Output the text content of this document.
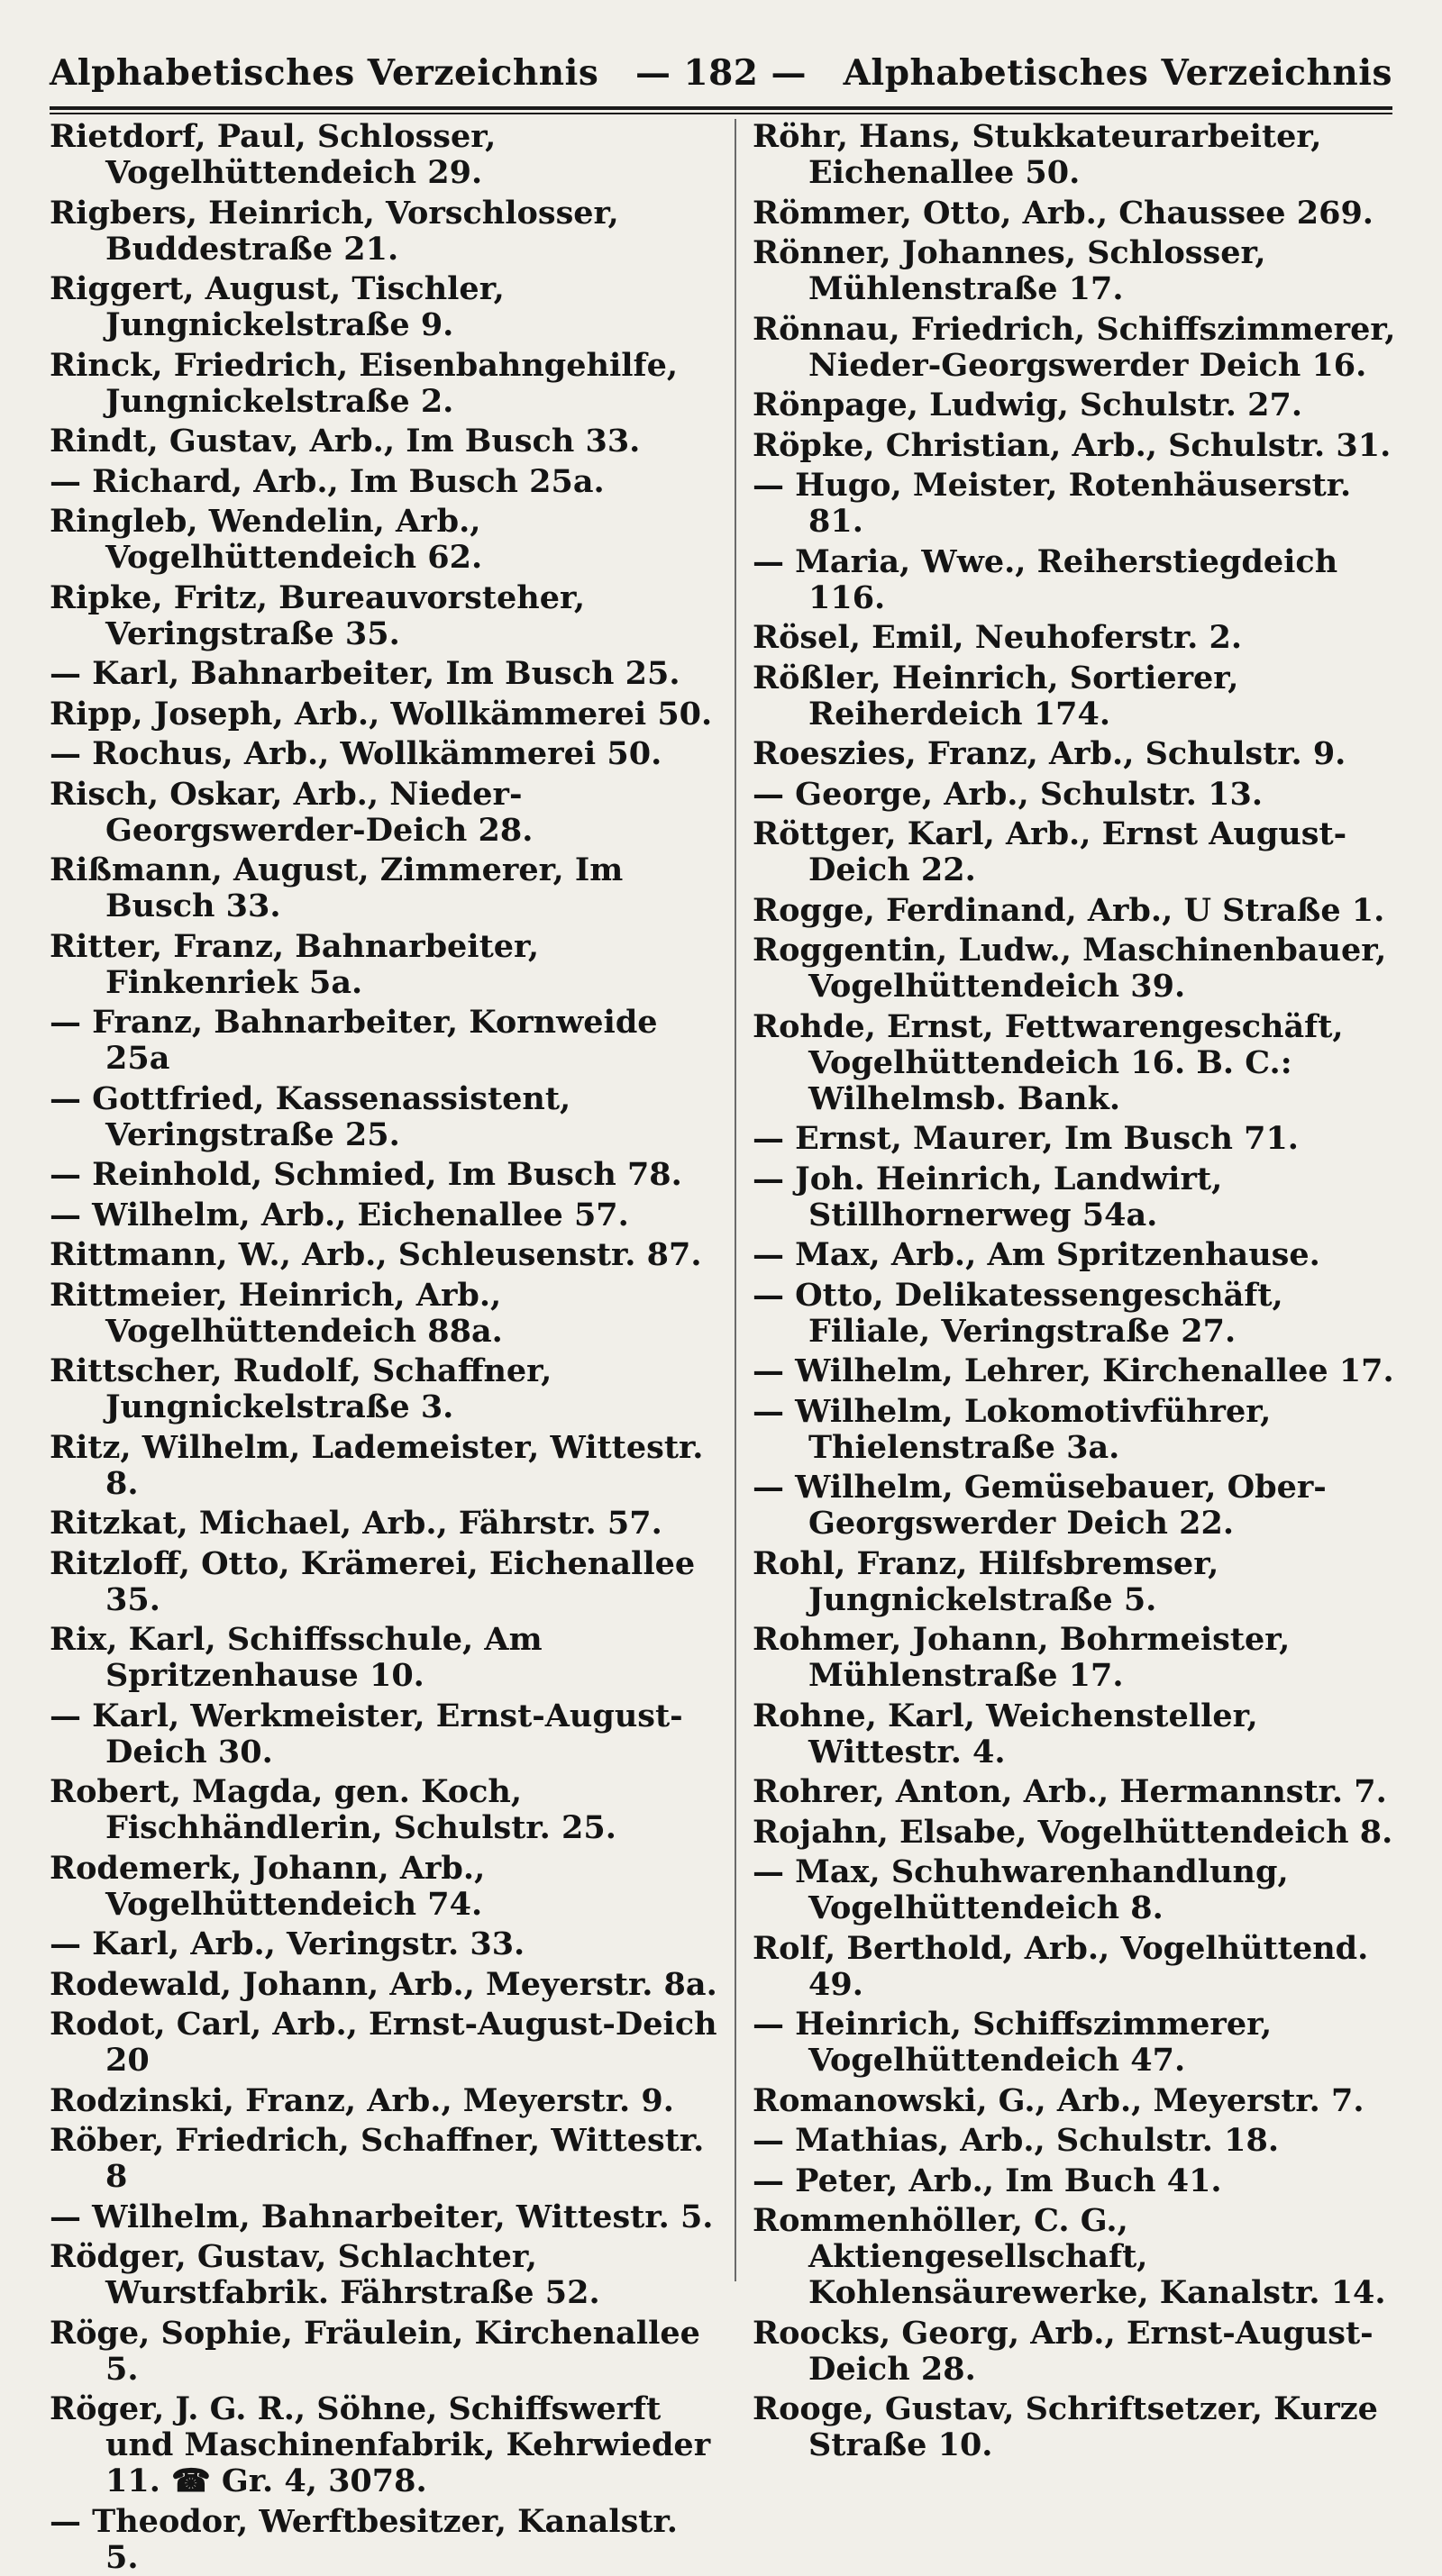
Alphabetisches Verzeichnis	— 182 —	Alphabetisches Verzeichnis
Rietdorf, Paul, Schlosser, Vogelhüttendeich 29.
Rigbers, Heinrich, Vorschlosser, Buddestraße 21.
Riggert, August, Tischler, Jungnickelstraße 9.
Rinck, Friedrich, Eisenbahngehilfe, Jungnickelstraße 2.
Rindt, Gustav, Arb., Im Busch 33.
— Richard, Arb., Im Busch 25a.
Ringleb, Wendelin, Arb., Vogelhüttendeich 62.
Ripke, Fritz, Bureauvorsteher, Veringstraße 35.
— Karl, Bahnarbeiter, Im Busch 25.
Ripp, Joseph, Arb., Wollkämmerei 50.
— Rochus, Arb., Wollkämmerei 50.
Risch, Oskar, Arb., Nieder-Georgswerder-Deich 28.
Rißmann, August, Zimmerer, Im Busch 33.
Ritter, Franz, Bahnarbeiter, Finkenriek 5a.
— Franz, Bahnarbeiter, Kornweide 25a
— Gottfried, Kassenassistent, Veringstraße 25.
— Reinhold, Schmied, Im Busch 78.
— Wilhelm, Arb., Eichenallee 57.
Rittmann, W., Arb., Schleusenstr. 87.
Rittmeier, Heinrich, Arb., Vogelhüttendeich 88a.
Rittscher, Rudolf, Schaffner, Jungnickelstraße 3.
Ritz, Wilhelm, Lademeister, Wittestr. 8.
Ritzkat, Michael, Arb., Fährstr. 57.
Ritzloff, Otto, Krämerei, Eichenallee 35.
Rix, Karl, Schiffsschule, Am Spritzenhause 10.
— Karl, Werkmeister, Ernst-August-Deich 30.
Robert, Magda, gen. Koch, Fischhändlerin, Schulstr. 25.
Rodemerk, Johann, Arb., Vogelhüttendeich 74.
— Karl, Arb., Veringstr. 33.
Rodewald, Johann, Arb., Meyerstr. 8a.
Rodot, Carl, Arb., Ernst-August-Deich 20
Rodzinski, Franz, Arb., Meyerstr. 9.
Röber, Friedrich, Schaffner, Wittestr. 8
— Wilhelm, Bahnarbeiter, Wittestr. 5.
Rödger, Gustav, Schlachter, Wurstfabrik. Fährstraße 52.
Röge, Sophie, Fräulein, Kirchenallee 5.
Röger, J. G. R., Söhne, Schiffswerft und Maschinenfabrik, Kehrwieder 11. ☎ Gr. 4, 3078.
— Theodor, Werftbesitzer, Kanalstr. 5.
Röhr, Hans, Stukkateurarbeiter, Eichenallee 50.
Römmer, Otto, Arb., Chaussee 269.
Rönner, Johannes, Schlosser, Mühlenstraße 17.
Rönnau, Friedrich, Schiffszimmerer, Nieder-Georgswerder Deich 16.
Rönpage, Ludwig, Schulstr. 27.
Röpke, Christian, Arb., Schulstr. 31.
— Hugo, Meister, Rotenhäuserstr. 81.
— Maria, Wwe., Reiherstiegdeich 116.
Rösel, Emil, Neuhoferstr. 2.
Rößler, Heinrich, Sortierer, Reiherdeich 174.
Roeszies, Franz, Arb., Schulstr. 9.
— George, Arb., Schulstr. 13.
Röttger, Karl, Arb., Ernst August-Deich 22.
Rogge, Ferdinand, Arb., U Straße 1.
Roggentin, Ludw., Maschinenbauer, Vogelhüttendeich 39.
Rohde, Ernst, Fettwarengeschäft, Vogelhüttendeich 16. B. C.: Wilhelmsb. Bank.
— Ernst, Maurer, Im Busch 71.
— Joh. Heinrich, Landwirt, Stillhornerweg 54a.
— Max, Arb., Am Spritzenhause.
— Otto, Delikatessengeschäft, Filiale, Veringstraße 27.
— Wilhelm, Lehrer, Kirchenallee 17.
— Wilhelm, Lokomotivführer, Thielenstraße 3a.
— Wilhelm, Gemüsebauer, Ober-Georgswerder Deich 22.
Rohl, Franz, Hilfsbremser, Jungnickelstraße 5.
Rohmer, Johann, Bohrmeister, Mühlenstraße 17.
Rohne, Karl, Weichensteller, Wittestr. 4.
Rohrer, Anton, Arb., Hermannstr. 7.
Rojahn, Elsabe, Vogelhüttendeich 8.
— Max, Schuhwarenhandlung, Vogelhüttendeich 8.
Rolf, Berthold, Arb., Vogelhüttend. 49.
— Heinrich, Schiffszimmerer, Vogelhüttendeich 47.
Romanowski, G., Arb., Meyerstr. 7.
— Mathias, Arb., Schulstr. 18.
— Peter, Arb., Im Buch 41.
Rommenhöller, C. G., Aktiengesellschaft, Kohlensäurewerke, Kanalstr. 14.
Roocks, Georg, Arb., Ernst-August-Deich 28.
Rooge, Gustav, Schriftsetzer, Kurze Straße 10.
